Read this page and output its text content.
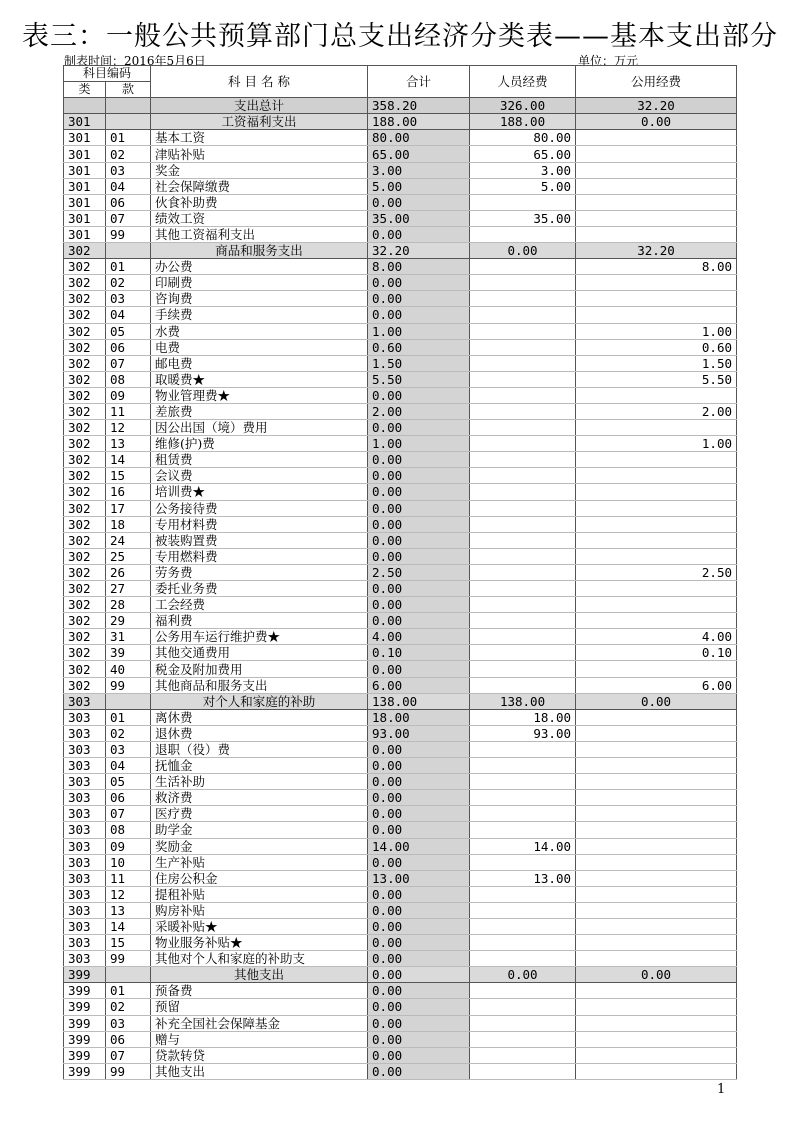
表三：一般公共预算部门总支出经济分类表——基本支出部分
制表时间：2016年5月6日	单位：万元
科目编码		科 目 名 称	合计	人员经费	公用经费
类	款				
		支出总计	358.20	326.00	32.20
301		工资福利支出	188.00	188.00	0.00
301	01	基本工资	80.00	80.00	
301	02	津贴补贴	65.00	65.00	
301	03	奖金	3.00	3.00	
301	04	社会保障缴费	5.00	5.00	
301	06	伙食补助费	0.00		
301	07	绩效工资	35.00	35.00	
301	99	其他工资福利支出	0.00		
302		商品和服务支出	32.20	0.00	32.20
302	01	办公费	8.00		8.00
302	02	印刷费	0.00		
302	03	咨询费	0.00		
302	04	手续费	0.00		
302	05	水费	1.00		1.00
302	06	电费	0.60		0.60
302	07	邮电费	1.50		1.50
302	08	取暖费★	5.50		5.50
302	09	物业管理费★	0.00		
302	11	差旅费	2.00		2.00
302	12	因公出国（境）费用	0.00		
302	13	维修(护)费	1.00		1.00
302	14	租赁费	0.00		
302	15	会议费	0.00		
302	16	培训费★	0.00		
302	17	公务接待费	0.00		
302	18	专用材料费	0.00		
302	24	被装购置费	0.00		
302	25	专用燃料费	0.00		
302	26	劳务费	2.50		2.50
302	27	委托业务费	0.00		
302	28	工会经费	0.00		
302	29	福利费	0.00		
302	31	公务用车运行维护费★	4.00		4.00
302	39	其他交通费用	0.10		0.10
302	40	税金及附加费用	0.00		
302	99	其他商品和服务支出	6.00		6.00
303		对个人和家庭的补助	138.00	138.00	0.00
303	01	离休费	18.00	18.00	
303	02	退休费	93.00	93.00	
303	03	退职（役）费	0.00		
303	04	抚恤金	0.00		
303	05	生活补助	0.00		
303	06	救济费	0.00		
303	07	医疗费	0.00		
303	08	助学金	0.00		
303	09	奖励金	14.00	14.00	
303	10	生产补贴	0.00		
303	11	住房公积金	13.00	13.00	
303	12	提租补贴	0.00		
303	13	购房补贴	0.00		
303	14	采暖补贴★	0.00		
303	15	物业服务补贴★	0.00		
303	99	其他对个人和家庭的补助支	0.00		
399		其他支出	0.00	0.00	0.00
399	01	预备费	0.00		
399	02	预留	0.00		
399	03	补充全国社会保障基金	0.00		
399	06	赠与	0.00		
399	07	贷款转贷	0.00		
399	99	其他支出	0.00		
1
